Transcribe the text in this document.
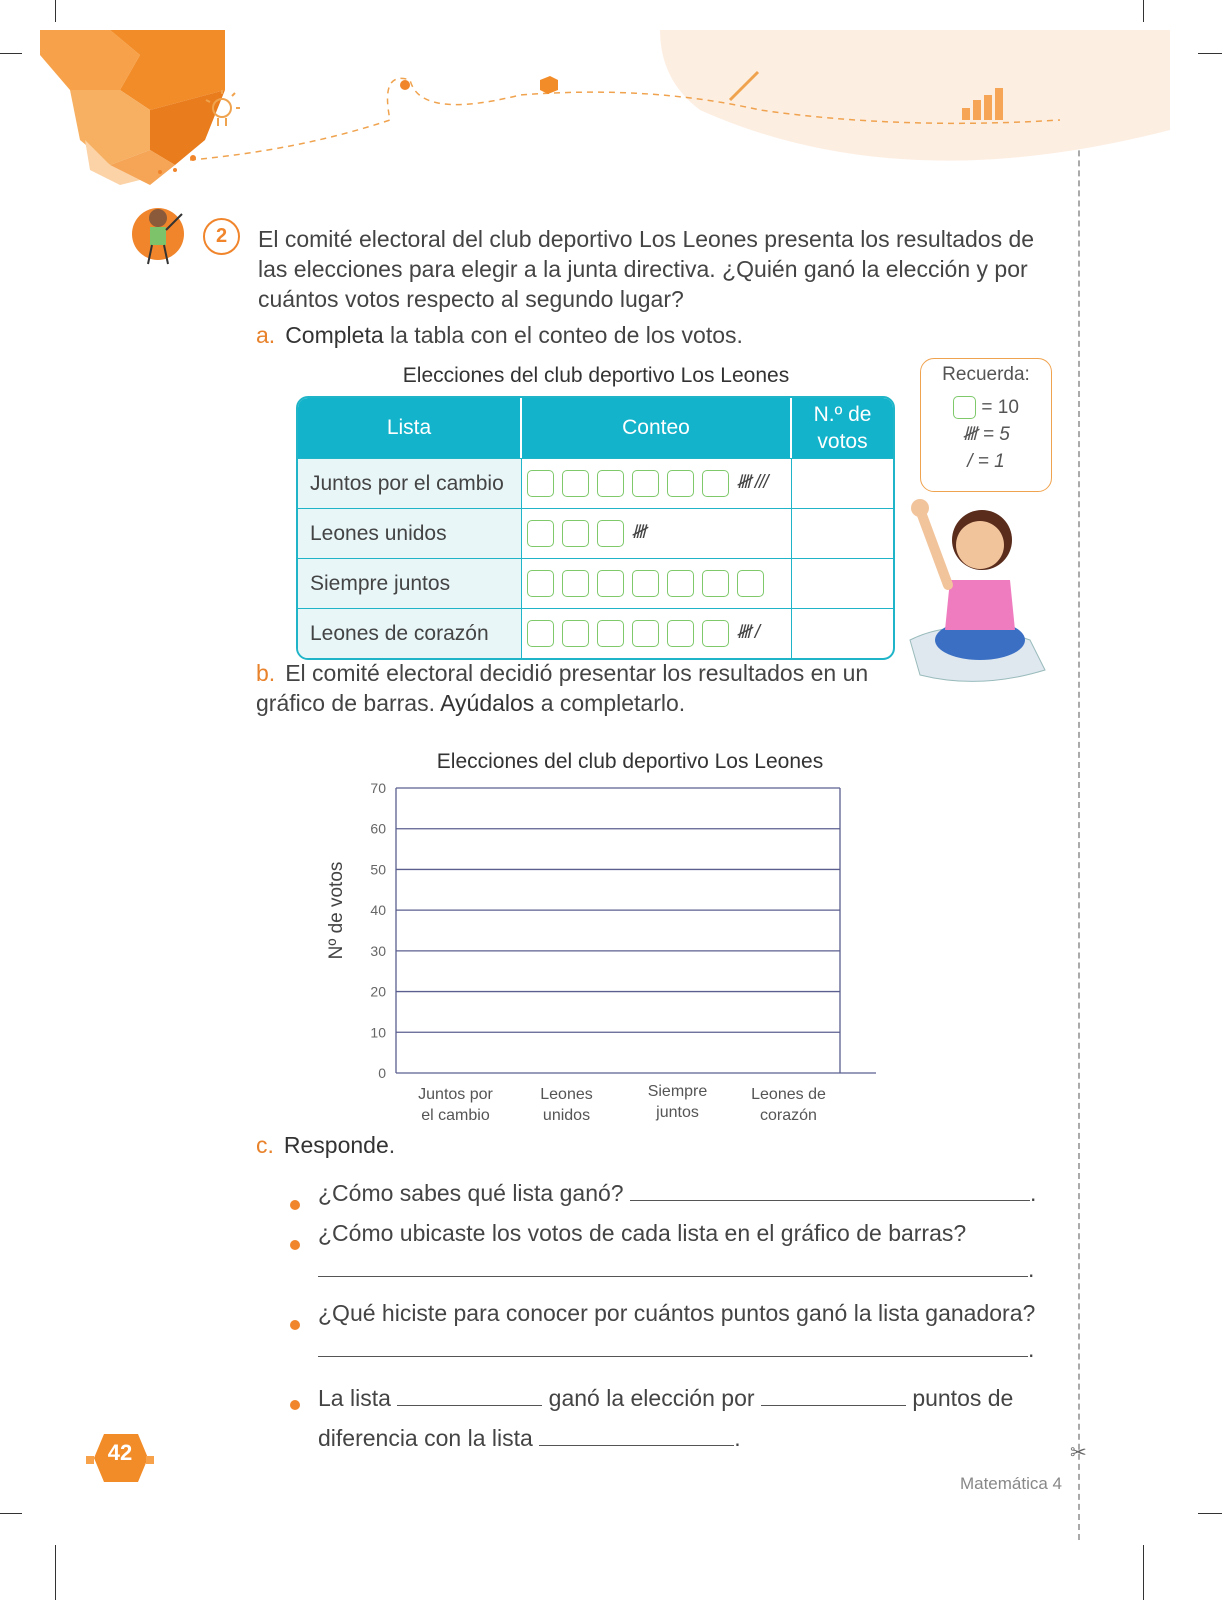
2	El comité electoral del club deportivo Los Leones presenta los resultados de las elecciones para elegir a la junta directiva. ¿Quién ganó la elección y por cuántos votos respecto al segundo lugar?
a. Completa la tabla con el conteo de los votos.
Elecciones del club deportivo Los Leones
Lista	Conteo	N.º de votos
Juntos por el cambio	𝍸 ///	
Leones unidos	𝍸	
Siempre juntos		
Leones de corazón	𝍸 /	
Recuerda:
= 10
𝍸 = 5
/ = 1
b. El comité electoral decidió presentar los resultados en un gráfico de barras. Ayúdalos a completarlo.
Elecciones del club deportivo Los Leones
0
10
20
30
40
50
60
70
Nº de votos
Juntos por
el cambio
Leones
unidos
Siempre
juntos
Leones de
corazón
c. Responde.
¿Cómo sabes qué lista ganó?	.
¿Cómo ubicaste los votos de cada lista en el gráfico de barras?
.
¿Qué hiciste para conocer por cuántos puntos ganó la lista ganadora?
.
La lista	ganó la elección por	puntos de
diferencia con la lista	.
42
Matemática 4
✂
